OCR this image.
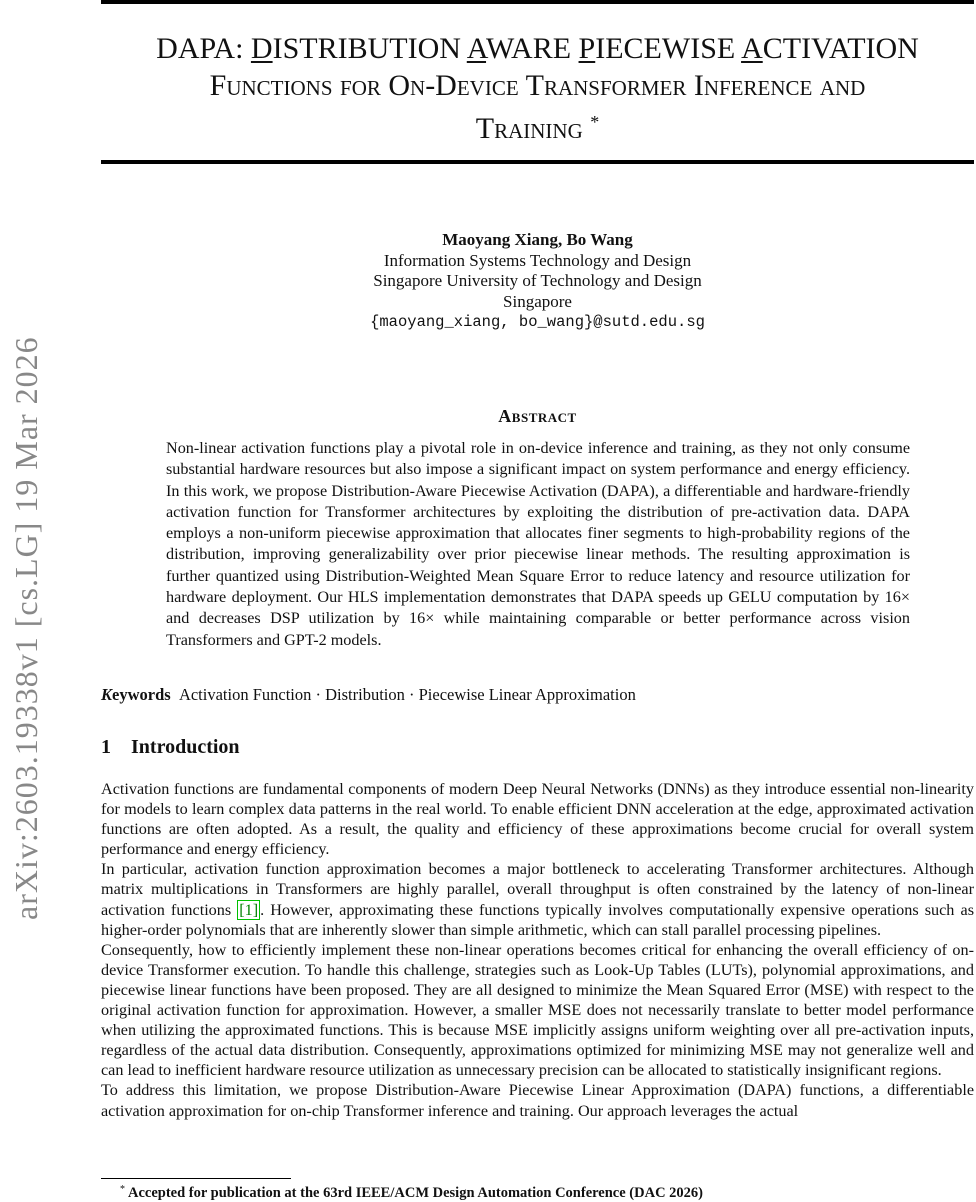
arXiv:2603.19338v1 [cs.LG] 19 Mar 2026
DAPA: DISTRIBUTION AWARE PIECEWISE ACTIVATION
Functions for On-Device Transformer Inference and
Training *
Maoyang Xiang, Bo Wang
Information Systems Technology and Design
Singapore University of Technology and Design
Singapore
{maoyang_xiang, bo_wang}@sutd.edu.sg
Abstract
Non-linear activation functions play a pivotal role in on-device inference and training, as they not only consume substantial hardware resources but also impose a significant impact on system performance and energy efficiency. In this work, we propose Distribution-Aware Piecewise Activation (DAPA), a differentiable and hardware-friendly activation function for Transformer architectures by exploiting the distribution of pre-activation data. DAPA employs a non-uniform piecewise approximation that allocates finer segments to high-probability regions of the distribution, improving generalizability over prior piecewise linear methods. The resulting approximation is further quantized using Distribution-Weighted Mean Square Error to reduce latency and resource utilization for hardware deployment. Our HLS implementation demonstrates that DAPA speeds up GELU computation by 16× and decreases DSP utilization by 16× while maintaining comparable or better performance across vision Transformers and GPT-2 models.
Keywords Activation Function · Distribution · Piecewise Linear Approximation
1 Introduction

Activation functions are fundamental components of modern Deep Neural Networks (DNNs) as they introduce essential non-linearity for models to learn complex data patterns in the real world. To enable efficient DNN acceleration at the edge, approximated activation functions are often adopted. As a result, the quality and efficiency of these approximations become crucial for overall system performance and energy efficiency.

In particular, activation function approximation becomes a major bottleneck to accelerating Transformer architectures. Although matrix multiplications in Transformers are highly parallel, overall throughput is often constrained by the latency of non-linear activation functions [1] . However, approximating these functions typically involves computationally expensive operations such as higher-order polynomials that are inherently slower than simple arithmetic, which can stall parallel processing pipelines.

Consequently, how to efficiently implement these non-linear operations becomes critical for enhancing the overall efficiency of on-device Transformer execution. To handle this challenge, strategies such as Look-Up Tables (LUTs), polynomial approximations, and piecewise linear functions have been proposed. They are all designed to minimize the Mean Squared Error (MSE) with respect to the original activation function for approximation. However, a smaller MSE does not necessarily translate to better model performance when utilizing the approximated functions. This is because MSE implicitly assigns uniform weighting over all pre-activation inputs, regardless of the actual data distribution. Consequently, approximations optimized for minimizing MSE may not generalize well and can lead to inefficient hardware resource utilization as unnecessary precision can be allocated to statistically insignificant regions.

To address this limitation, we propose Distribution-Aware Piecewise Linear Approximation (DAPA) functions, a differentiable activation approximation for on-chip Transformer inference and training. Our approach leverages the actual

* Accepted for publication at the 63rd IEEE/ACM Design Automation Conference (DAC 2026)
